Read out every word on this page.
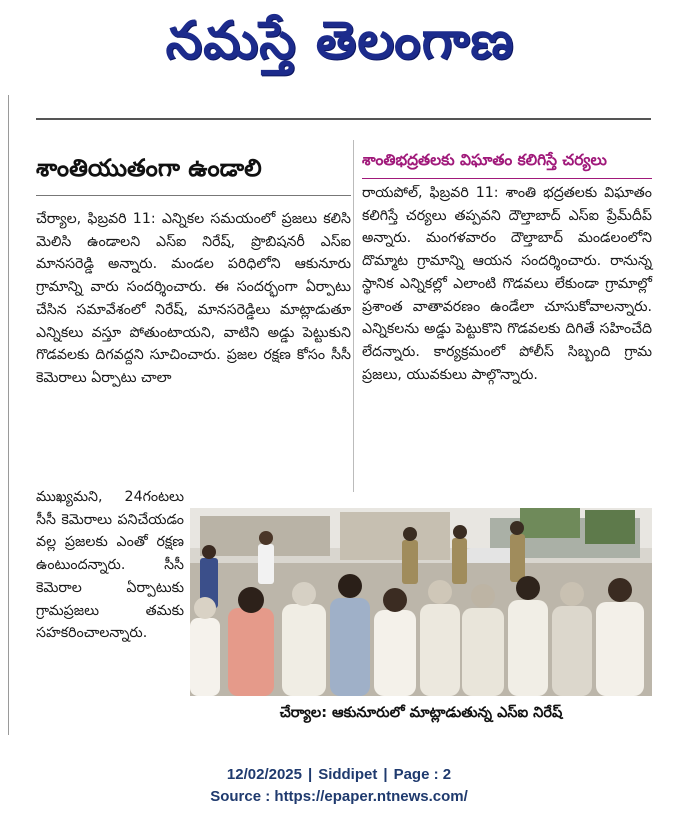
నమస్తే తెలంగాణ
శాంతియుతంగా ఉండాలి	శాంతిభద్రతలకు విఘాతం కలిగిస్తే చర్యలు
చేర్యాల, ఫిబ్రవరి 11: ఎన్నికల సమయంలో ప్రజలు కలిసి మెలిసి ఉండాలని ఎస్ఐ నిరేష్, ప్రొబిషనరీ ఎస్ఐ మానసరెడ్డి అన్నారు. మండల పరిధిలోని ఆకునూరు గ్రామాన్ని వారు సందర్శించారు. ఈ సందర్భంగా ఏర్పాటు చేసిన సమావేశంలో నిరేష్, మానసరెడ్డిలు మాట్లాడుతూ ఎన్నికలు వస్తూ పోతుంటాయని, వాటిని అడ్డు పెట్టుకుని గొడవలకు దిగవద్దని సూచించారు. ప్రజల రక్షణ కోసం సీసీ కెమెరాలు ఏర్పాటు చాలా
ముఖ్యమని, 24గంటలు సీసీ కెమెరాలు పనిచేయడం వల్ల ప్రజలకు ఎంతో రక్షణ ఉంటుందన్నారు. సీసీ కెమెరాల ఏర్పాటుకు గ్రామప్రజలు తమకు సహకరించాలన్నారు.
రాయపోల్, ఫిబ్రవరి 11: శాంతి భద్రతలకు విఘాతం కలిగిస్తే చర్యలు తప్పవని దౌల్తాబాద్ ఎస్ఐ ప్రేమ్‌దీప్ అన్నారు. మంగళవారం దౌల్తాబాద్ మండలంలోని దొమ్మాట గ్రామాన్ని ఆయన సందర్శించారు. రానున్న స్థానిక ఎన్నికల్లో ఎలాంటి గొడవలు లేకుండా గ్రామాల్లో ప్రశాంత వాతావరణం ఉండేలా చూసుకోవాలన్నారు. ఎన్నికలను అడ్డు పెట్టుకొని గొడవలకు దిగితే సహించేది లేదన్నారు. కార్యక్రమంలో పోలీస్ సిబ్బంది గ్రామ ప్రజలు, యువకులు పాల్గొన్నారు.
చేర్యాల: ఆకునూరులో మాట్లాడుతున్న ఎస్ఐ నిరేష్
12/02/2025 | Siddipet | Page : 2
Source : https://epaper.ntnews.com/
